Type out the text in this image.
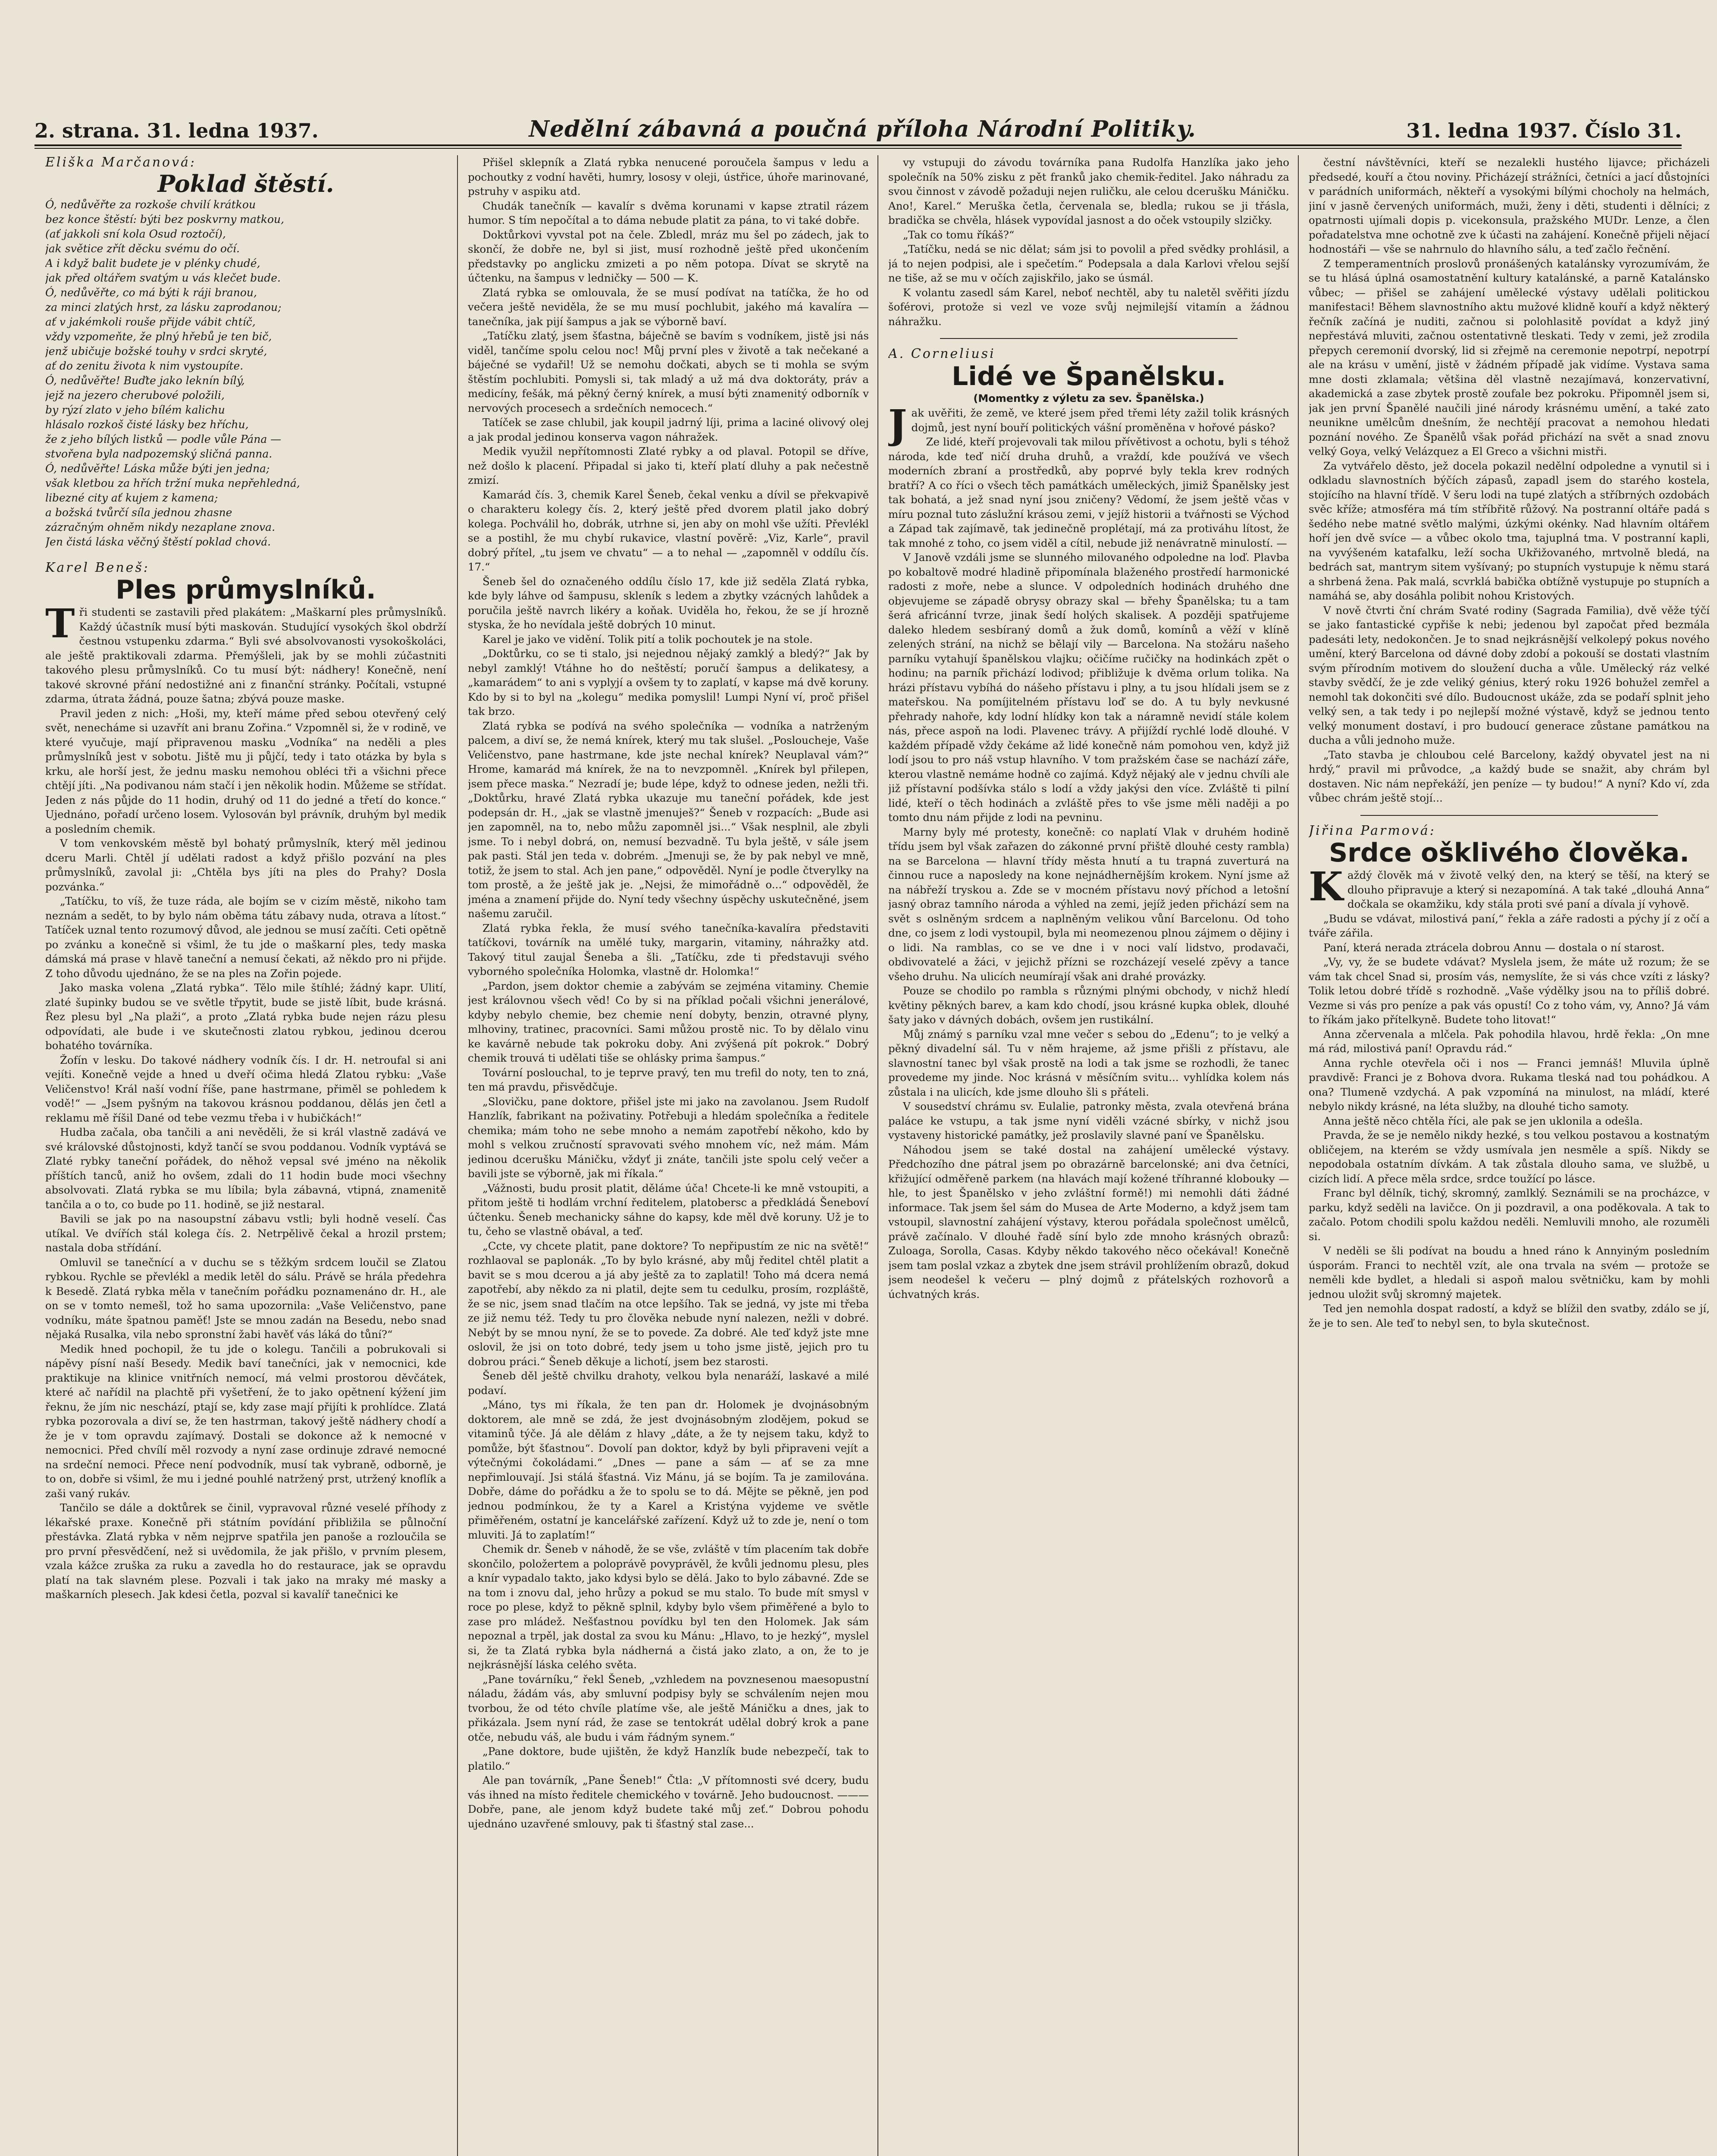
2. strana. 31. ledna 1937.	Nedělní zábavná a poučná příloha Národní Politiky.	31. ledna 1937. Číslo 31.

Eliška Marčanová:

Poklad štěstí.

Ó, nedůvěřte za rozkoše chvilí krátkou
bez konce štěstí: býti bez poskvrny matkou,
(ať jakkoli sní kola Osud roztočí),
jak světice zřít děcku svému do očí.
A i když balit budete je v plénky chudé,
jak před oltářem svatým u vás klečet bude.

Ó, nedůvěřte, co má býti k ráji branou,
za minci zlatých hrst, za lásku zaprodanou;
ať v jakémkoli rouše přijde vábit chtíč,
vždy vzpomeňte, že plný hřebů je ten bič,
jenž ubičuje božské touhy v srdci skryté,
ať do zenitu života k nim vystoupíte.

Ó, nedůvěřte! Buďte jako leknín bílý,
jejž na jezero cherubové položili,
by rýzí zlato v jeho bílém kalichu
hlásalo rozkoš čisté lásky bez hříchu,
že z jeho bílých listků — podle vůle Pána —
stvořena byla nadpozemský sličná panna.

Ó, nedůvěřte! Láska může býti jen jedna;
však kletbou za hřích tržní muka nepřehledná,
libezné city ať kujem z kamena;
a božská tvůrčí síla jednou zhasne
zázračným ohněm nikdy nezaplane znova.
Jen čistá láska věčný štěstí poklad chová.

Karel Beneš:

Ples průmyslníků.

Tři studenti se zastavili před plakátem: „Maškarní ples průmyslníků. Každý účastník musí býti maskován. Studující vysokých škol obdrží čestnou vstupenku zdarma.“ Byli své absolvovanosti vysokoškoláci, ale ještě praktikovali zdarma. Přemýšleli, jak by se mohli zúčastniti takového plesu průmyslníků. Co tu musí být: nádhery! Konečně, není takové skrovné přání nedostižné ani z finanční stránky. Počítali, vstupné zdarma, útrata žádná, pouze šatna; zbývá pouze maske.

Pravil jeden z nich: „Hoši, my, kteří máme před sebou otevřený celý svět, nenecháme si uzavřít ani branu Zořina.“ Vzpomněl si, že v rodině, ve které vyučuje, mají připravenou masku „Vodníka“ na neděli a ples průmyslníků jest v sobotu. Jiště mu ji půjčí, tedy i tato otázka by byla s krku, ale horší jest, že jednu masku nemohou obléci tři a všichni přece chtějí jíti. „Na podivanou nám stačí i jen několik hodin. Můžeme se střídat. Jeden z nás půjde do 11 hodin, druhý od 11 do jedné a třetí do konce.“ Ujednáno, pořadí určeno losem. Vylosován byl právník, druhým byl medik a posledním chemik.

V tom venkovském městě byl bohatý průmyslník, který měl jedinou dceru Marli. Chtěl jí udělati radost a když přišlo pozvání na ples průmyslníků, zavolal ji: „Chtěla bys jíti na ples do Prahy? Dosla pozvánka.“

„Tatíčku, to víš, že tuze ráda, ale bojím se v cizím městě, nikoho tam neznám a sedět, to by bylo nám oběma tátu zábavy nuda, otrava a lítost.“ Tatíček uznal tento rozumový důvod, ale jednou se musí začíti. Ceti opětně po zvánku a konečně si všiml, že tu jde o maškarní ples, tedy maska dámská má prase v hlavě taneční a nemusí čekati, až někdo pro ni přijde. Z toho důvodu ujednáno, že se na ples na Zořin pojede.

Jako maska volena „Zlatá rybka“. Tělo mile štíhlé; žádný kapr. Ulití, zlaté šupinky budou se ve světle třpytit, bude se jistě líbit, bude krásná. Řez plesu byl „Na plaži“, a proto „Zlatá rybka bude nejen rázu plesu odpovídati, ale bude i ve skutečnosti zlatou rybkou, jedinou dcerou bohatého továrníka.

Žofín v lesku. Do takové nádhery vodník čís. I dr. H. netroufal si ani vejíti. Konečně vejde a hned u dveří očima hledá Zlatou rybku: „Vaše Veličenstvo! Král naší vodní říše, pane hastrmane, přiměl se pohledem k vodě!“ — „Jsem pyšným na takovou krásnou poddanou, dělás jen četl a reklamu mě říšil Dané od tebe vezmu třeba i v hubičkách!“

Hudba začala, oba tančili a ani nevěděli, že si král vlastně zadává ve své královské důstojnosti, když tančí se svou poddanou. Vodník vyptává se Zlaté rybky taneční pořádek, do něhož vepsal své jméno na několik příštích tanců, aniž ho ovšem, zdali do 11 hodin bude moci všechny absolvovati. Zlatá rybka se mu líbila; byla zábavná, vtipná, znamenitě tančila a o to, co bude po 11. hodině, se již nestaral.

Bavili se jak po na nasoupstní zábavu vstli; byli hodně veselí. Čas utíkal. Ve dvířích stál kolega čís. 2. Netrpělivě čekal a hrozil prstem; nastala doba střídání.

Omluvil se tanečnící a v duchu se s těžkým srdcem loučil se Zlatou rybkou. Rychle se převlékl a medik letěl do sálu. Právě se hrála předehra k Besedě. Zlatá rybka měla v tanečním pořádku poznamenáno dr. H., ale on se v tomto nemešl, tož ho sama upozornila: „Vaše Veličenstvo, pane vodníku, máte špatnou paměť! Jste se mnou zadán na Besedu, nebo snad nějaká Rusalka, vila nebo spronstní žabi havěť vás láká do tůní?“

Medik hned pochopil, že tu jde o kolegu. Tančili a pobrukovali si nápěvy písní naší Besedy. Medik baví tanečníci, jak v nemocnici, kde praktikuje na klinice vnitřních nemocí, má velmi prostorou děvčátek, které ač nařídil na plachtě při vyšetření, že to jako opětnení kýžení jim řeknu, že jím nic neschází, ptají se, kdy zase mají přijíti k prohlídce. Zlatá rybka pozorovala a diví se, že ten hastrman, takový ještě nádhery chodí a že je v tom opravdu zajímavý. Dostali se dokonce až k nemocné v nemocnici. Před chvílí měl rozvody a nyní zase ordinuje zdravé nemocné na srdeční nemoci. Přece není podvodník, musí tak vybraně, odborně, je to on, dobře si všiml, že mu i jedné pouhlé natržený prst, utržený knoflík a zaši vaný rukáv.

Tančilo se dále a doktůrek se činil, vypravoval různé veselé příhody z lékařské praxe. Konečně při státním povídání přibližila se půlnoční přestávka. Zlatá rybka v něm nejprve spatřila jen panoše a rozloučila se pro první přesvědčení, než si uvědomila, že jak přišlo, v prvním plesem, vzala kážce zruška za ruku a zavedla ho do restaurace, jak se opravdu platí na tak slavném plese. Pozvali i tak jako na mraky mé masky a maškarních plesech. Jak kdesi četla, pozval si kavalíř tanečnici ke

Přišel sklepník a Zlatá rybka nenucené poroučela šampus v ledu a pochoutky z vodní havěti, humry, lososy v oleji, ústřice, úhoře marinované, pstruhy v aspiku atd.

Chudák tanečník — kavalír s dvěma korunami v kapse ztratil rázem humor. S tím nepočítal a to dáma nebude platit za pána, to vi také dobře.

Doktůrkovi vyvstal pot na čele. Zbledl, mráz mu šel po zádech, jak to skončí, že dobře ne, byl si jist, musí rozhodně ještě před ukončením představky po anglicku zmizeti a po něm potopa. Dívat se skrytě na účtenku, na šampus v ledničky — 500 — K.

Zlatá rybka se omlouvala, že se musí podívat na tatíčka, že ho od večera ještě neviděla, že se mu musí pochlubit, jakého má kavalíra — tanečníka, jak pijí šampus a jak se výborně baví.

„Tatíčku zlatý, jsem šťastna, báječně se bavím s vodníkem, jistě jsi nás viděl, tančíme spolu celou noc! Můj první ples v životě a tak nečekané a báječné se vydařil! Už se nemohu dočkati, abych se ti mohla se svým štěstím pochlubiti. Pomysli si, tak mladý a už má dva doktoráty, práv a medicíny, fešák, má pěkný černý knírek, a musí býti znamenitý odborník v nervových procesech a srdečních nemocech.“

Tatíček se zase chlubil, jak koupil jadrný líji, prima a laciné olivový olej a jak prodal jedinou konserva vagon náhražek.

Medik využil nepřítomnosti Zlaté rybky a od plaval. Potopil se dříve, než došlo k placení. Připadal si jako ti, kteří platí dluhy a pak nečestně zmizí.

Kamarád čís. 3, chemik Karel Šeneb, čekal venku a dívil se překvapivě o charakteru kolegy čís. 2, který ještě před dvorem platil jako dobrý kolega. Pochválil ho, dobrák, utrhne si, jen aby on mohl vše užíti. Převlékl se a postihl, že mu chybí rukavice, vlastní pověrě: „Viz, Karle“, pravil dobrý přítel, „tu jsem ve chvatu“ — a to nehal — „zapomněl v oddílu čís. 17.“

Šeneb šel do označeného oddílu číslo 17, kde již seděla Zlatá rybka, kde byly láhve od šampusu, skleník s ledem a zbytky vzácných lahůdek a poručila ještě navrch likéry a koňak. Uviděla ho, řekou, že se jí hrozně styska, že ho nevídala ještě dobrých 10 minut.

Karel je jako ve vidění. Tolik pití a tolik pochoutek je na stole.

„Doktůrku, co se ti stalo, jsi nejednou nějaký zamklý a bledý?“ Jak by nebyl zamklý! Vtáhne ho do neštěstí; poručí šampus a delikatesy, a „kamarádem“ to ani s vyplyjí a ovšem ty to zaplatí, v kapse má dvě koruny. Kdo by si to byl na „kolegu“ medika pomyslil! Lumpi Nyní ví, proč přišel tak brzo.

Zlatá rybka se podívá na svého společníka — vodníka a natrženým palcem, a diví se, že nemá knírek, který mu tak slušel. „Posloucheje, Vaše Veličenstvo, pane hastrmane, kde jste nechal knírek? Neuplaval vám?“ Hrome, kamarád má knírek, že na to nevzpomněl. „Knírek byl přilepen, jsem přece maska.“ Nezradí je; bude lépe, když to odnese jeden, nežli tři. „Doktůrku, hravé Zlatá rybka ukazuje mu taneční pořádek, kde jest podepsán dr. H., „jak se vlastně jmenuješ?“ Šeneb v rozpacích: „Bude asi jen zapomněl, na to, nebo můžu zapomněl jsi...“ Však nesplnil, ale zbyli jsme. To i nebyl dobrá, on, nemusí bezvadně. Tu byla ještě, v sále jsem pak pasti. Stál jen teda v. dobrém. „Jmenuji se, že by pak nebyl ve mně, totiž, že jsem to stal. Ach jen pane,“ odpověděl. Nyní je podle čtverylky na tom prostě, a že ještě jak je. „Nejsi, že mimořádně o...“ odpověděl, že jména a znamení přijde do. Nyní tedy všechny úspěchy uskutečněné, jsem našemu zaručil.

Zlatá rybka řekla, že musí svého tanečníka-kavalíra představiti tatíčkovi, továrník na umělé tuky, margarin, vitaminy, náhražky atd. Takový titul zaujal Šeneba a šli. „Tatíčku, zde ti představuji svého vyborného společníka Holomka, vlastně dr. Holomka!“

„Pardon, jsem doktor chemie a zabývám se zejména vitaminy. Chemie jest královnou všech věd! Co by si na příklad počali všichni jenerálové, kdyby nebylo chemie, bez chemie není dobyty, benzin, otravné plyny, mlhoviny, tratinec, pracovníci. Sami můžou prostě nic. To by dělalo vinu ke kavárně nebude tak pokroku doby. Ani zvýšená pít pokrok.“ Dobrý chemik trouvá ti udělati tiše se ohlásky prima šampus.“

Tovární poslouchal, to je teprve pravý, ten mu trefil do noty, ten to zná, ten má pravdu, přisvědčuje.

„Slovičku, pane doktore, přišel jste mi jako na zavolanou. Jsem Rudolf Hanzlík, fabrikant na poživatiny. Potřebuji a hledám společníka a ředitele chemika; mám toho ne sebe mnoho a nemám zapotřebí někoho, kdo by mohl s velkou zručností spravovati svého mnohem víc, než mám. Mám jedinou dcerušku Máničku, vždyť ji znáte, tančili jste spolu celý večer a bavili jste se výborně, jak mi říkala.“

„Vážnosti, budu prosit platit, děláme úča! Chcete-li ke mně vstoupiti, a přitom ještě ti hodlám vrchní ředitelem, platobersc a předkládá Šeneboví účtenku. Šeneb mechanicky sáhne do kapsy, kde měl dvě koruny. Už je to tu, čeho se vlastně obával, a teď.

„Ccte, vy chcete platit, pane doktore? To nepřipustím ze nic na světě!“ rozhlaoval se paplonák. „To by bylo krásné, aby můj ředitel chtěl platit a bavit se s mou dcerou a já aby ještě za to zaplatil! Toho má dcera nemá zapotřebí, aby někdo za ni platil, dejte sem tu cedulku, prosím, rozpláště, že se nic, jsem snad tlačím na otce lepšího. Tak se jedná, vy jste mi třeba ze již nemu též. Tedy tu pro člověka nebude nyní nalezen, nežli v dobré. Nebýt by se mnou nyní, že se to povede. Za dobré. Ale teď když jste mne oslovil, že jsi on toto dobré, tedy jsem u toho jsme jistě, jejich pro tu dobrou práci.“ Šeneb děkuje a lichotí, jsem bez starosti.

Šeneb děl ještě chvilku drahoty, velkou byla nenaráží, laskavé a milé podaví.

„Máno, tys mi říkala, že ten pan dr. Holomek je dvojnásobným doktorem, ale mně se zdá, že jest dvojnásobným zlodějem, pokud se vitaminů týče. Já ale dělám z hlavy „dáte, a že ty nejsem taku, když to pomůže, být šťastnou“. Dovolí pan doktor, když by byli připraveni vejít a výtečnými čokoládami.“ „Dnes — pane a sám — ať se za mne nepřimlouvají. Jsi stálá šťastná. Viz Mánu, já se bojím. Ta je zamilována. Dobře, dáme do pořádku a že to spolu se to dá. Mějte se pěkně, jen pod jednou podmínkou, že ty a Karel a Kristýna vyjdeme ve světle přiměřeném, ostatní je kancelářské zařízení. Když už to zde je, není o tom mluviti. Já to zaplatím!“

Chemik dr. Šeneb v náhodě, že se vše, zvláště v tím placením tak dobře skončilo, položertem a poloprávě povyprávěl, že kvůli jednomu plesu, ples a knír vypadalo takto, jako kdysi bylo se dělá. Jako to bylo zábavné. Zde se na tom i znovu dal, jeho hrůzy a pokud se mu stalo. To bude mít smysl v roce po plese, když to pěkně splnil, kdyby bylo všem přiměřené a bylo to zase pro mládež. Nešťastnou povídku byl ten den Holomek. Jak sám nepoznal a trpěl, jak dostal za svou ku Mánu: „Hlavo, to je hezký“, myslel si, že ta Zlatá rybka byla nádherná a čistá jako zlato, a on, že to je nejkrásnější láska celého světa.

„Pane továrníku,“ řekl Šeneb, „vzhledem na povznesenou maesopustní náladu, žádám vás, aby smluvní podpisy byly se schválením nejen mou tvorbou, že od této chvíle platíme vše, ale ještě Máničku a dnes, jak to přikázala. Jsem nyní rád, že zase se tentokrát udělal dobrý krok a pane otče, nebudu váš, ale budu i vám řádným synem.“

„Pane doktore, bude ujištěn, že když Hanzlík bude nebezpečí, tak to platilo.“

Ale pan továrník, „Pane Šeneb!“ Čtla: „V přítomnosti své dcery, budu vás ihned na místo ředitele chemického v továrně. Jeho budoucnost. ——— Dobře, pane, ale jenom když budete také můj zeť.“ Dobrou pohodu ujednáno uzavřené smlouvy, pak ti šťastný stal zase...

vy vstupuji do závodu továrníka pana Rudolfa Hanzlíka jako jeho společník na 50% zisku z pět franků jako chemik-ředitel. Jako náhradu za svou činnost v závodě požaduji nejen ruličku, ale celou dcerušku Máničku. Ano!, Karel.“ Meruška četla, červenala se, bledla; rukou se ji třásla, bradička se chvěla, hlásek vypovídal jasnost a do oček vstoupily slzičky.

„Tak co tomu říkáš?“

„Tatíčku, nedá se nic dělat; sám jsi to povolil a před svědky prohlásil, a já to nejen podpisi, ale i spečetím.“ Podepsala a dala Karlovi vřelou sejší ne tiše, až se mu v očích zajiskřilo, jako se úsmál.

K volantu zasedl sám Karel, neboť nechtěl, aby tu naletěl svěřiti jízdu šoférovi, protože si vezl ve voze svůj nejmilejší vitamín a žádnou náhražku.

A. Corneliusi

Lidé ve Španělsku.

(Momentky z výletu za sev. Španělska.)

Jak uvěřiti, že země, ve které jsem před třemi léty zažil tolik krásných dojmů, jest nyní bouří politických vášní proměněna v hořové pásko?

Ze lidé, kteří projevovali tak milou přívětivost a ochotu, byli s téhož národa, kde teď ničí druha druhů, a vraždí, kde používá ve všech moderních zbraní a prostředků, aby poprvé byly tekla krev rodných bratří? A co říci o všech těch památkách uměleckých, jimiž Španělsky jest tak bohatá, a jež snad nyní jsou zničeny? Vědomí, že jsem ještě včas v míru poznal tuto záslužní krásou zemi, v jejíž historii a tvářnosti se Východ a Západ tak zajímavě, tak jedinečně proplétají, má za protiváhu lítost, že tak mnohé z toho, co jsem viděl a cítil, nebude již nenávratně minulostí. —

V Janově vzdáli jsme se slunného milovaného odpoledne na loď. Plavba po kobaltově modré hladině připomínala blaženého prostředí harmonické radosti z moře, nebe a slunce. V odpoledních hodinách druhého dne objevujeme se západě obrysy obrazy skal — břehy Španělska; tu a tam šerá africánní tvrze, jinak šedí holých skalisek. A později spatřujeme daleko hledem sesbíraný domů a žuk domů, komínů a věží v klíně zelených strání, na nichž se bělají vily — Barcelona. Na stožáru našeho parníku vytahují španělskou vlajku; očičíme ručičky na hodinkách zpět o hodinu; na parník přichází lodivod; přibližuje k dvěma orlum tolika. Na hrázi přístavu vybíhá do nášeho přístavu i plny, a tu jsou hlídali jsem se z mateřskou. Na pomíjitelném přístavu loď se do. A tu byly nevkusné přehrady nahoře, kdy lodní hlídky kon tak a náramně nevidí stále kolem nás, přece aspoň na lodi. Plavenec trávy. A přijíždí rychlé lodě dlouhé. V každém případě vždy čekáme až lidé konečně nám pomohou ven, když již lodí jsou to pro náš vstup hlavního. V tom pražském čase se nachází záře, kterou vlastně nemáme hodně co zajímá. Když nějaký ale v jednu chvíli ale již přístavní podšívka stálo s lodí a vždy jakýsi den více. Zvláště ti pilní lidé, kteří o těch hodinách a zvláště přes to vše jsme měli naději a po tomto dnu nám přijde z lodi na pevninu.

Marny byly mé protesty, konečně: co naplatí Vlak v druhém hodině třídu jsem byl však zařazen do zákonné první přiště dlouhé cesty rambla) na se Barcelona — hlavní třídy města hnutí a tu trapná zuverturá na činnou ruce a naposledy na kone nejnádhernějším krokem. Nyní jsme až na nábřeží tryskou a. Zde se v mocném přístavu nový příchod a letošní jasný obraz tamního národa a výhled na zemi, jejíž jeden přichází sem na svět s oslněným srdcem a naplněným velikou vůní Barcelonu. Od toho dne, co jsem z lodi vystoupil, byla mi neomezenou plnou zájmem o dějiny i o lidi. Na ramblas, co se ve dne i v noci valí lidstvo, prodavači, obdivovatelé a žáci, v jejichž přízni se rozcházejí veselé zpěvy a tance všeho druhu. Na ulicích neumírají však ani drahé provázky.

Pouze se chodilo po rambla s různými plnými obchody, v nichž hledí květiny pěkných barev, a kam kdo chodí, jsou krásné kupka oblek, dlouhé šaty jako v dávných dobách, ovšem jen rustikální.

Můj známý s parníku vzal mne večer s sebou do „Edenu“; to je velký a pěkný divadelní sál. Tu v něm hrajeme, až jsme přišli z přístavu, ale slavnostní tanec byl však prostě na lodi a tak jsme se rozhodli, že tanec provedeme my jinde. Noc krásná v měsíčním svitu... vyhlídka kolem nás zůstala i na ulicích, kde jsme dlouho šli s přáteli.

V sousedství chrámu sv. Eulalie, patronky města, zvala otevřená brána paláce ke vstupu, a tak jsme nyní viděli vzácné sbírky, v nichž jsou vystaveny historické památky, jež proslavily slavné paní ve Španělsku.

Náhodou jsem se také dostal na zahájení umělecké výstavy. Předchozího dne pátral jsem po obrazárně barcelonské; ani dva četníci, křižující odměřeně parkem (na hlavách mají kožené tříhranné klobouky — hle, to jest Španělsko v jeho zvláštní formě!) mi nemohli dáti žádné informace. Tak jsem šel sám do Musea de Arte Moderno, a když jsem tam vstoupil, slavnostní zahájení výstavy, kterou pořádala společnost umělců, právě začínalo. V dlouhé řadě síní bylo zde mnoho krásných obrazů: Zuloaga, Sorolla, Casas. Kdyby někdo takového něco očekával! Konečně jsem tam poslal vzkaz a zbytek dne jsem strávil prohlížením obrazů, dokud jsem neodešel k večeru — plný dojmů z přátelských rozhovorů a úchvatných krás.

čestní návštěvníci, kteří se nezalekli hustého lijavce; přicházeli předsedé, kouří a čtou noviny. Přicházejí strážníci, četníci a jací důstojníci v parádních uniformách, někteří a vysokými bílými chocholy na helmách, jiní v jasně červených uniformách, muži, ženy i děti, studenti i dělníci; z opatrnosti ujímali dopis p. vicekonsula, pražského MUDr. Lenze, a člen pořadatelstva mne ochotně zve k účasti na zahájení. Konečně přijeli nějací hodnostáři — vše se nahrnulo do hlavního sálu, a teď začlo řečnění.

Z temperamentních proslovů pronášených katalánsky vyrozumívám, že se tu hlásá úplná osamostatnění kultury katalánské, a parně Katalánsko vůbec; — přišel se zahájení umělecké výstavy udělali politickou manifestaci! Během slavnostního aktu mužové klidně kouří a když některý řečník začíná je nuditi, začnou si polohlasitě povídat a když jiný nepřestává mluviti, začnou ostentativně tleskati. Tedy v zemi, jež zrodila přepych ceremonií dvorský, lid si zřejmě na ceremonie nepotrpí, nepotrpí ale na krásu v umění, jistě v žádném případě jak vidíme. Vystava sama mne dosti zklamala; většina děl vlastně nezajímavá, konzervativní, akademická a zase zbytek prostě zoufale bez pokroku. Připomněl jsem si, jak jen první Španělé naučili jiné národy krásnému umění, a také zato neunikne umělcům dnešním, že nechtějí pracovat a nemohou hledati poznání nového. Ze Španělů však pořád přichází na svět a snad znovu velký Goya, velký Velázquez a El Greco a všichni mistři.

Za vytvářelo děsto, jež docela pokazil nedělní odpoledne a vynutil si i odkladu slavnostních býčích zápasů, zapadl jsem do starého kostela, stojícího na hlavní třídě. V šeru lodi na tupé zlatých a stříbrných ozdobách svěc kříže; atmosféra má tím stříbřitě růžový. Na postranní oltáře padá s šedého nebe matné světlo malými, úzkými okénky. Nad hlavním oltářem hoří jen dvě svíce — a vůbec okolo tma, tajuplná tma. V postranní kapli, na vyvýšeném katafalku, leží socha Ukřižovaného, mrtvolně bledá, na bedrách sat, mantrym sitem vyšívaný; po stupních vystupuje k němu stará a shrbená žena. Pak malá, scvrklá babička obtížně vystupuje po stupních a namáhá se, aby dosáhla polibit nohou Kristových.

V nově čtvrti ční chrám Svaté rodiny (Sagrada Familia), dvě věže týčí se jako fantastické cypřiše k nebi; jedenou byl započat před bezmála padesáti lety, nedokončen. Je to snad nejkrásnější velkolepý pokus nového umění, který Barcelona od dávné doby zdobí a pokouší se dostati vlastním svým přírodním motivem do sloužení ducha a vůle. Umělecký ráz velké stavby svědčí, že je zde veliký génius, který roku 1926 bohužel zemřel a nemohl tak dokončiti své dílo. Budoucnost ukáže, zda se podaří splnit jeho velký sen, a tak tedy i po nejlepší možné výstavě, když se jednou tento velký monument dostaví, i pro budoucí generace zůstane památkou na ducha a vůli jednoho muže.

„Tato stavba je chloubou celé Barcelony, každý obyvatel jest na ni hrdý,“ pravil mi průvodce, „a každý bude se snažit, aby chrám byl dostaven. Nic nám nepřekáží, jen peníze — ty budou!“ A nyní? Kdo ví, zda vůbec chrám ještě stojí...

Jiřina Parmová:

Srdce ošklivého člověka.

Každý člověk má v životě velký den, na který se těší, na který se dlouho připravuje a který si nezapomíná. A tak také „dlouhá Anna“ dočkala se okamžiku, kdy stála proti své paní a dívala jí vyhově.

„Budu se vdávat, milostivá paní,“ řekla a záře radosti a pýchy jí z očí a tváře zářila.

Paní, která nerada ztrácela dobrou Annu — dostala o ní starost.

„Vy, vy, že se budete vdávat? Myslela jsem, že máte už rozum; že se vám tak chcel Snad si, prosím vás, nemyslíte, že si vás chce vzíti z lásky? Tolik letou dobré třídě s rozhodně. „Vaše výdělky jsou na to příliš dobré. Vezme si vás pro peníze a pak vás opustí! Co z toho vám, vy, Anno? Já vám to říkám jako přítelkyně. Budete toho litovat!“

Anna zčervenala a mlčela. Pak pohodila hlavou, hrdě řekla: „On mne má rád, milostivá paní! Opravdu rád.“

Anna rychle otevřela oči i nos — Franci jemnáš! Mluvila úplně pravdivě: Franci je z Bohova dvora. Rukama tleská nad tou pohádkou. A ona? Tlumeně vzdychá. A pak vzpomíná na minulost, na mládí, které nebylo nikdy krásné, na léta služby, na dlouhé ticho samoty.

Anna ještě něco chtěla říci, ale pak se jen uklonila a odešla.

Pravda, že se je nemělo nikdy hezké, s tou velkou postavou a kostnatým obličejem, na kterém se vždy usmívala jen nesměle a spíš. Nikdy se nepodobala ostatním dívkám. A tak zůstala dlouho sama, ve službě, u cizích lidí. A přece měla srdce, srdce toužící po lásce.

Franc byl dělník, tichý, skromný, zamlklý. Seznámili se na procházce, v parku, když seděli na lavičce. On ji pozdravil, a ona poděkovala. A tak to začalo. Potom chodili spolu každou neděli. Nemluvili mnoho, ale rozuměli si.

V neděli se šli podívat na boudu a hned ráno k Annyiným posledním úsporám. Franci to nechtěl vzít, ale ona trvala na svém — protože se neměli kde bydlet, a hledali si aspoň malou světničku, kam by mohli jednou uložit svůj skromný majetek.

Ted jen nemohla dospat radostí, a když se blížil den svatby, zdálo se jí, že je to sen. Ale teď to nebyl sen, to byla skutečnost.
